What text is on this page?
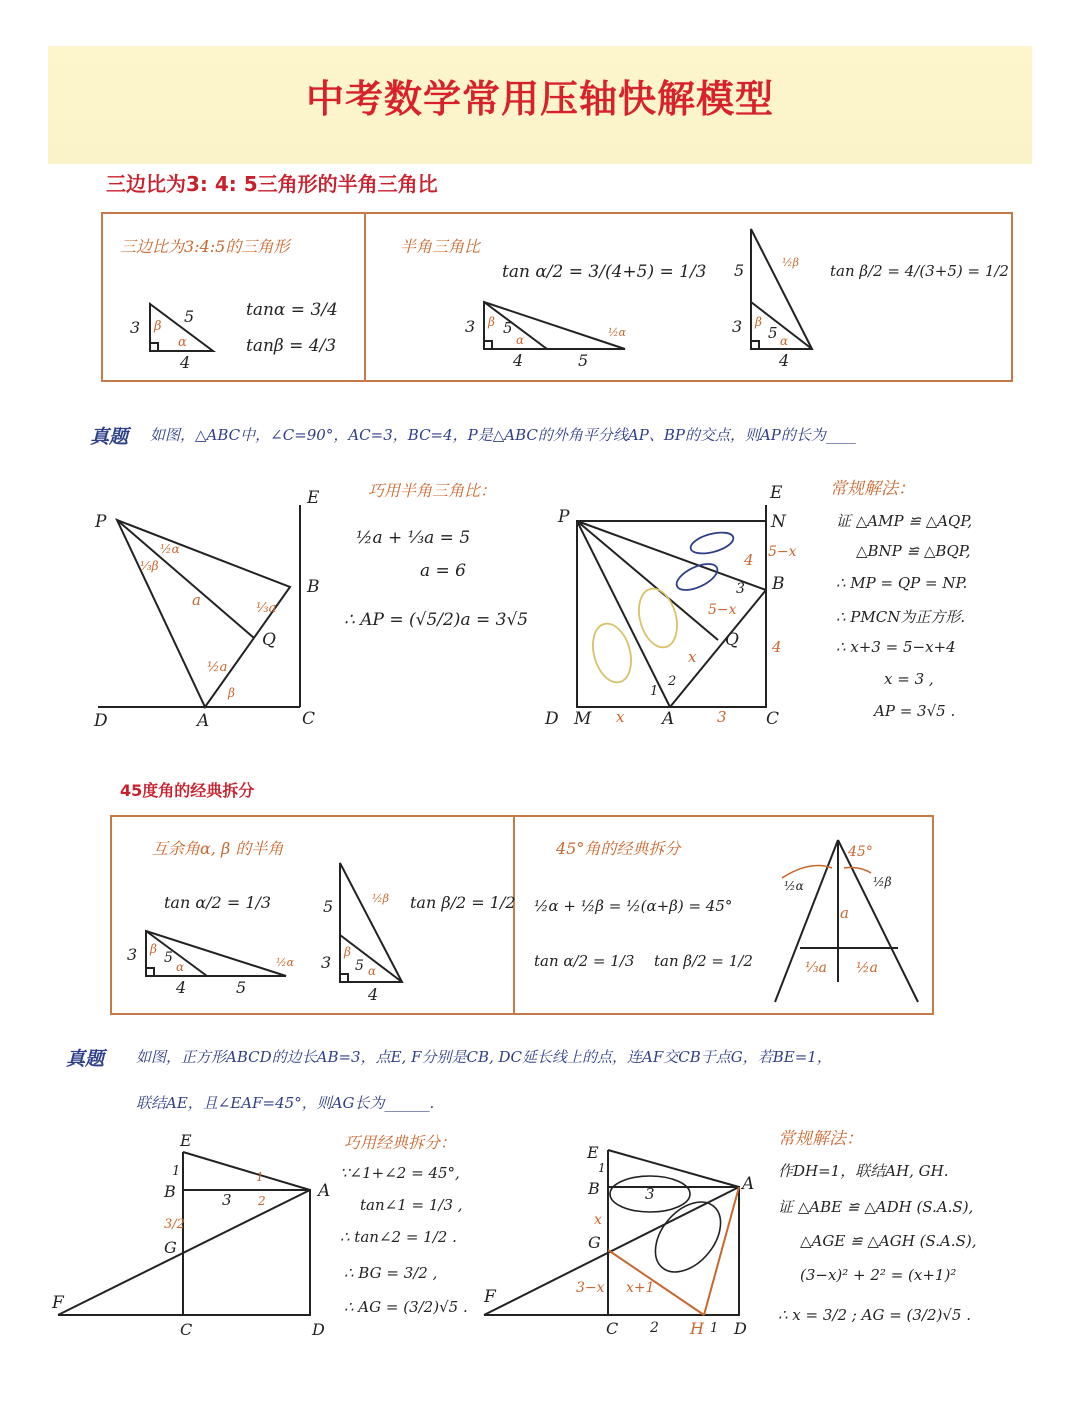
中考数学常用压轴快解模型
三边比为3: 4: 5三角形的半角三角比
三边比为3:4:5的三角形	半角三角比
tanα = 3/4
tanβ = 4/3
tan α/2 = 3/(4+5) = 1/3	tan β/2 = 4/(3+5) = 1/2
3
4
5
β
α
3
4	5
5
β
α
½α
5
3
4
5
β
α
½β
真题 如图，△ABC中，∠C=90°，AC=3，BC=4，P是△ABC的外角平分线AP、BP的交点，则AP的长为____
P
E
B
D	A	C
Q
a	⅓a
½a
⅓β
½α
β
巧用半角三角比：
½a + ⅓a = 5
a = 6
∴ AP = (√5/2)a = 3√5
P
E
N
B
Q
D M	A	C
4 5−x
3
5−x
4
x
x	3
1
2
常规解法：
证 △AMP ≌ △AQP,
△BNP ≌ △BQP,
∴ MP = QP = NP.
∴ PMCN为正方形.
∴ x+3 = 5−x+4
x = 3 ,
AP = 3√5 .
45度角的经典拆分
互余角α, β 的半角	45°角的经典拆分
tan α/2 = 1/3	tan β/2 = 1/2 ½α + ½β = ½(α+β) = 45°
tan α/2 = 1/3 tan β/2 = 1/2
3
4	5
5
β
α	½α
5
3
4
5
β
α
½β
45°
½α	½β
a
⅓a ½a
真题 如图，正方形ABCD的边长AB=3，点E, F分别是CB, DC延长线上的点，连AF交CB于点G，若BE=1，
联结AE，且∠EAF=45°，则AG长为______.
E
1
B
G
3/2
3
1
2	A
F
C	D
巧用经典拆分：
∵∠1+∠2 = 45°,
tan∠1 = 1/3 ,
∴ tan∠2 = 1/2 .
∴ BG = 3/2 ,
∴ AG = (3/2)√5 .
E
1
B
G
x
3	A
F	3−x x+1
C 2 H 1 D
常规解法：
作DH=1，联结AH, GH.
证 △ABE ≌ △ADH (S.A.S),
△AGE ≌ △AGH (S.A.S),
(3−x)² + 2² = (x+1)²
∴ x = 3/2 ; AG = (3/2)√5 .
